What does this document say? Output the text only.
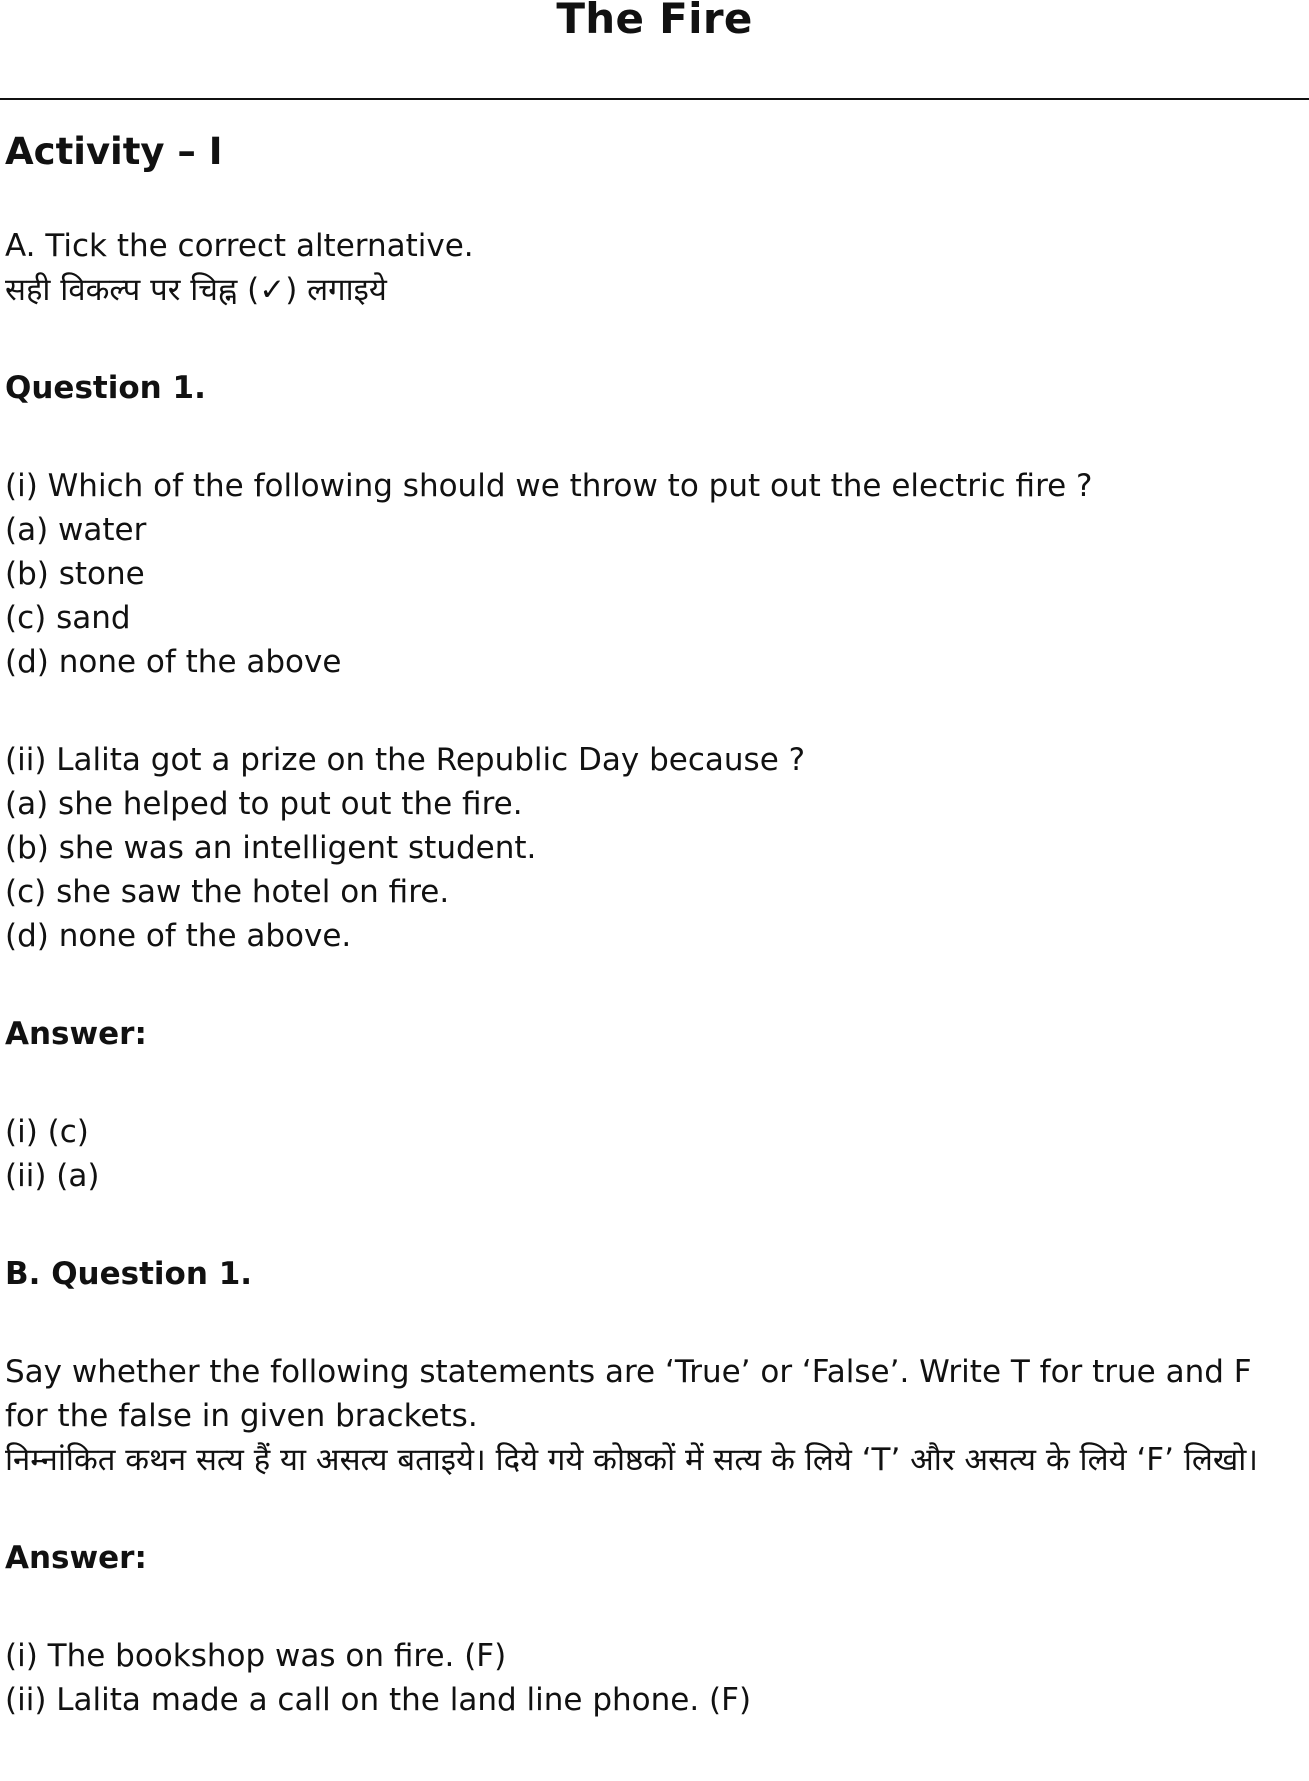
The Fire
Activity – I
A. Tick the correct alternative.
सही विकल्प पर चिह्न (✓) लगाइये
Question 1.
(i) Which of the following should we throw to put out the electric fire ?
(a) water
(b) stone
(c) sand
(d) none of the above
(ii) Lalita got a prize on the Republic Day because ?
(a) she helped to put out the fire.
(b) she was an intelligent student.
(c) she saw the hotel on fire.
(d) none of the above.
Answer:
(i) (c)
(ii) (a)
B. Question 1.
Say whether the following statements are ‘True’ or ‘False’. Write T for true and F for the false in given brackets.
निम्नांकित कथन सत्य हैं या असत्य बताइये। दिये गये कोष्ठकों में सत्य के लिये ‘T’ और असत्य के लिये ‘F’ लिखो।
Answer:
(i) The bookshop was on fire. (F)
(ii) Lalita made a call on the land line phone. (F)
